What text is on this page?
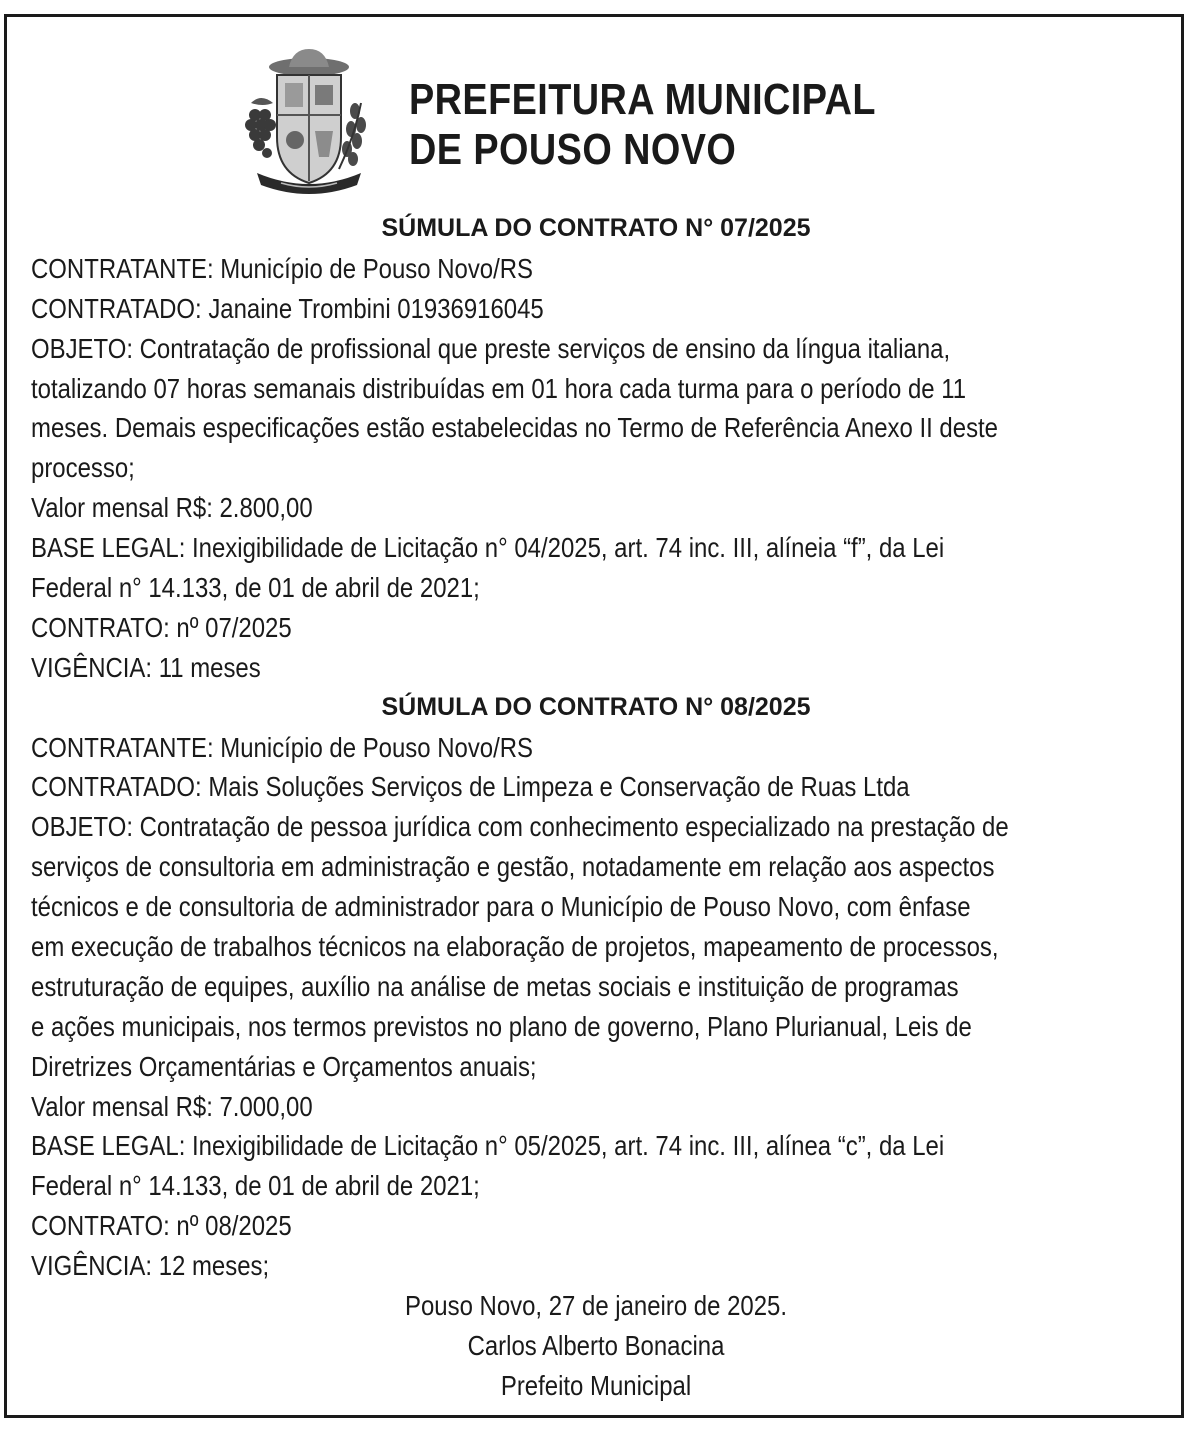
PREFEITURA MUNICIPAL
DE POUSO NOVO
SÚMULA DO CONTRATO N° 07/2025
CONTRATANTE: Município de Pouso Novo/RS
CONTRATADO: Janaine Trombini 01936916045
OBJETO: Contratação de profissional que preste serviços de ensino da língua italiana,
totalizando 07 horas semanais distribuídas em 01 hora cada turma para o período de 11
meses. Demais especificações estão estabelecidas no Termo de Referência Anexo II deste
processo;
Valor mensal R$: 2.800,00
BASE LEGAL: Inexigibilidade de Licitação n° 04/2025, art. 74 inc. III, alíneia “f”, da Lei
Federal n° 14.133, de 01 de abril de 2021;
CONTRATO: nº 07/2025
VIGÊNCIA: 11 meses
SÚMULA DO CONTRATO N° 08/2025
CONTRATANTE: Município de Pouso Novo/RS
CONTRATADO: Mais Soluções Serviços de Limpeza e Conservação de Ruas Ltda
OBJETO: Contratação de pessoa jurídica com conhecimento especializado na prestação de
serviços de consultoria em administração e gestão, notadamente em relação aos aspectos
técnicos e de consultoria de administrador para o Município de Pouso Novo, com ênfase
em execução de trabalhos técnicos na elaboração de projetos, mapeamento de processos,
estruturação de equipes, auxílio na análise de metas sociais e instituição de programas
e ações municipais, nos termos previstos no plano de governo, Plano Plurianual, Leis de
Diretrizes Orçamentárias e Orçamentos anuais;
Valor mensal R$: 7.000,00
BASE LEGAL: Inexigibilidade de Licitação n° 05/2025, art. 74 inc. III, alínea “c”, da Lei
Federal n° 14.133, de 01 de abril de 2021;
CONTRATO: nº 08/2025
VIGÊNCIA: 12 meses;
Pouso Novo, 27 de janeiro de 2025.
Carlos Alberto Bonacina
Prefeito Municipal
